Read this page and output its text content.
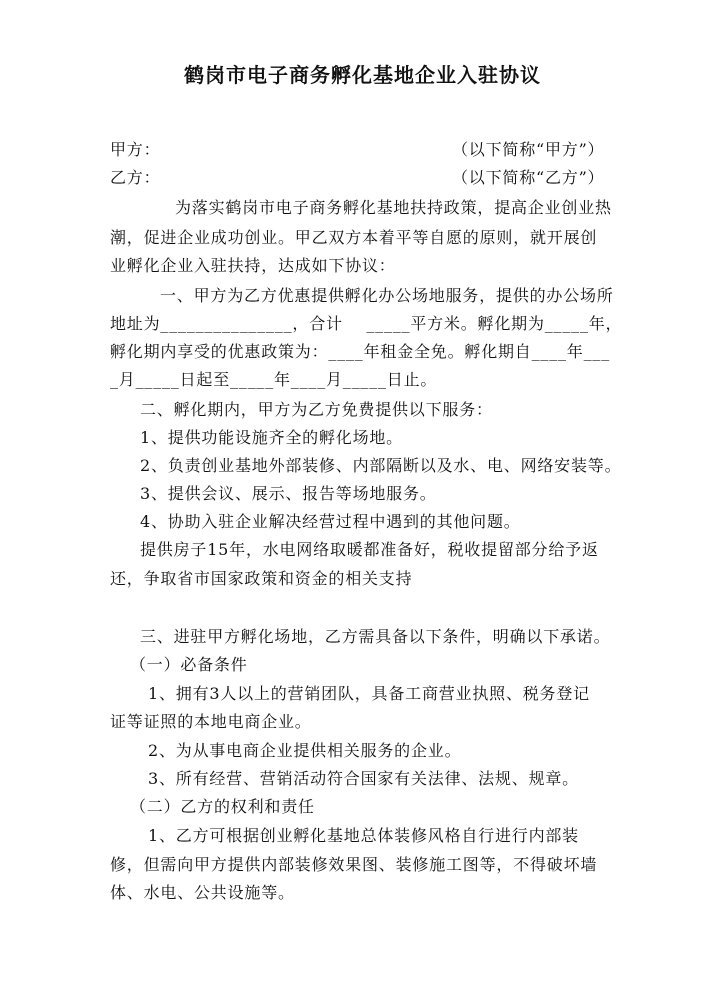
鹤岗市电子商务孵化基地企业入驻协议
甲方：	（以下简称“甲方”）
乙方：	（以下简称“乙方”）
为落实鹤岗市电子商务孵化基地扶持政策，提高企业创业热
潮，促进企业成功创业。甲乙双方本着平等自愿的原则，就开展创
业孵化企业入驻扶持，达成如下协议：
一、甲方为乙方优惠提供孵化办公场地服务，提供的办公场所
地址为_______________，合计    _____平方米。孵化期为_____年，
孵化期内享受的优惠政策为：____年租金全免。孵化期自____年___
_月_____日起至_____年____月_____日止。
二、孵化期内，甲方为乙方免费提供以下服务：
1、提供功能设施齐全的孵化场地。
2、负责创业基地外部装修、内部隔断以及水、电、网络安装等。
3、提供会议、展示、报告等场地服务。
4、协助入驻企业解决经营过程中遇到的其他问题。
提供房子15年，水电网络取暖都准备好，税收提留部分给予返
还，争取省市国家政策和资金的相关支持
三、进驻甲方孵化场地，乙方需具备以下条件，明确以下承诺。
（一）必备条件
1、拥有3人以上的营销团队，具备工商营业执照、税务登记
证等证照的本地电商企业。
2、为从事电商企业提供相关服务的企业。
3、所有经营、营销活动符合国家有关法律、法规、规章。
（二）乙方的权利和责任
1、乙方可根据创业孵化基地总体装修风格自行进行内部装
修，但需向甲方提供内部装修效果图、装修施工图等，不得破坏墙
体、水电、公共设施等。
